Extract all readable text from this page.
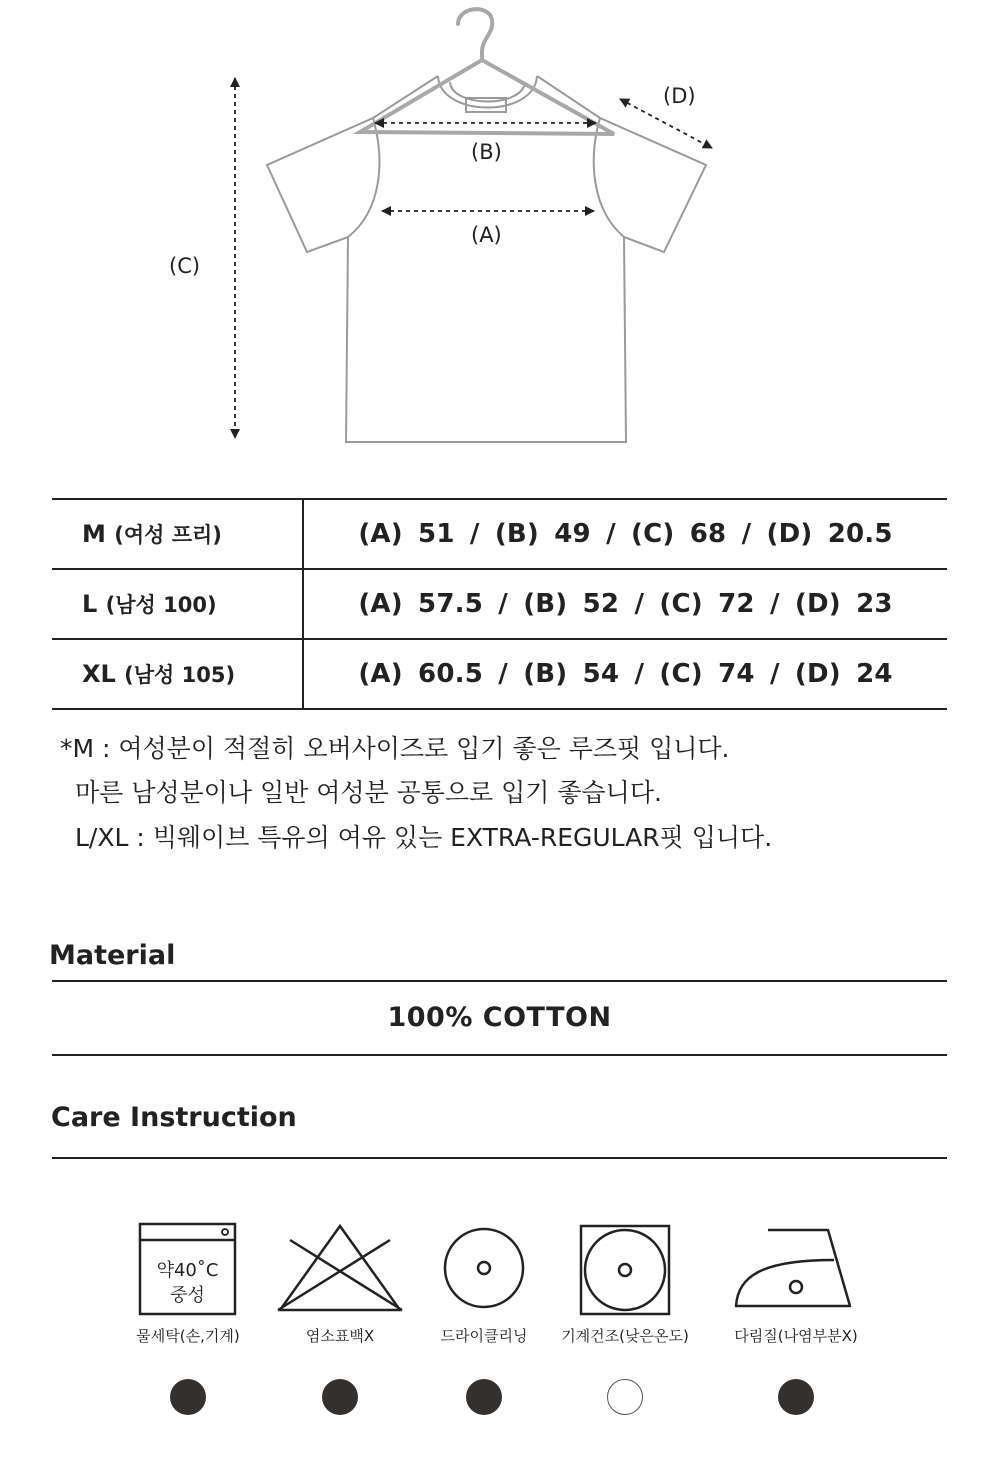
(B)
(A)
(C)
(D)
M (여성 프리)	(A) 51 / (B) 49 / (C) 68 / (D) 20.5
L (남성 100)	(A) 57.5 / (B) 52 / (C) 72 / (D) 23
XL (남성 105)	(A) 60.5 / (B) 54 / (C) 74 / (D) 24
*M : 여성분이 적절히 오버사이즈로 입기 좋은 루즈핏 입니다.
마른 남성분이나 일반 여성분 공통으로 입기 좋습니다.
L/XL : 빅웨이브 특유의 여유 있는 EXTRA-REGULAR핏 입니다.
Material
100% COTTON
Care Instruction
약40˚C
중성
물세탁(손,기계)	염소표백X	드라이클리닝	기계건조(낮은온도)	다림질(나염부분X)
